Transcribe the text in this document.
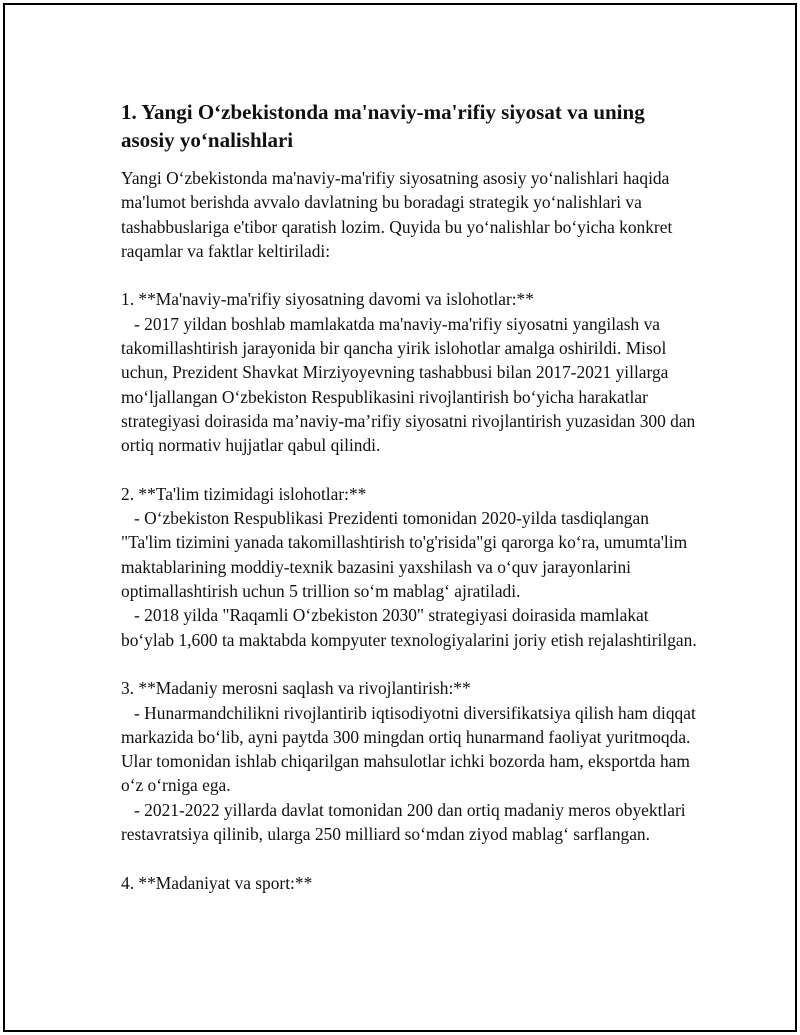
1. Yangi O‘zbekistonda ma'naviy-ma'rifiy siyosat va uning asosiy yo‘nalishlari

Yangi O‘zbekistonda ma'naviy-ma'rifiy siyosatning asosiy yo‘nalishlari haqida ma'lumot berishda avvalo davlatning bu boradagi strategik yo‘nalishlari va tashabbuslariga e'tibor qaratish lozim. Quyida bu yo‘nalishlar bo‘yicha konkret raqamlar va faktlar keltiriladi:

1. **Ma'naviy-ma'rifiy siyosatning davomi va islohotlar:**

- 2017 yildan boshlab mamlakatda ma'naviy-ma'rifiy siyosatni yangilash va takomillashtirish jarayonida bir qancha yirik islohotlar amalga oshirildi. Misol uchun, Prezident Shavkat Mirziyoyevning tashabbusi bilan 2017-2021 yillarga mo‘ljallangan O‘zbekiston Respublikasini rivojlantirish bo‘yicha harakatlar strategiyasi doirasida ma’naviy-ma’rifiy siyosatni rivojlantirish yuzasidan 300 dan ortiq normativ hujjatlar qabul qilindi.

2. **Ta'lim tizimidagi islohotlar:**

- O‘zbekiston Respublikasi Prezidenti tomonidan 2020-yilda tasdiqlangan "Ta'lim tizimini yanada takomillashtirish to'g'risida"gi qarorga ko‘ra, umumta'lim maktablarining moddiy-texnik bazasini yaxshilash va o‘quv jarayonlarini optimallashtirish uchun 5 trillion so‘m mablag‘ ajratiladi.

- 2018 yilda "Raqamli O‘zbekiston 2030" strategiyasi doirasida mamlakat bo‘ylab 1,600 ta maktabda kompyuter texnologiyalarini joriy etish rejalashtirilgan.

3. **Madaniy merosni saqlash va rivojlantirish:**

- Hunarmandchilikni rivojlantirib iqtisodiyotni diversifikatsiya qilish ham diqqat markazida bo‘lib, ayni paytda 300 mingdan ortiq hunarmand faoliyat yuritmoqda. Ular tomonidan ishlab chiqarilgan mahsulotlar ichki bozorda ham, eksportda ham o‘z o‘rniga ega.

- 2021-2022 yillarda davlat tomonidan 200 dan ortiq madaniy meros obyektlari restavratsiya qilinib, ularga 250 milliard so‘mdan ziyod mablag‘ sarflangan.

4. **Madaniyat va sport:**
